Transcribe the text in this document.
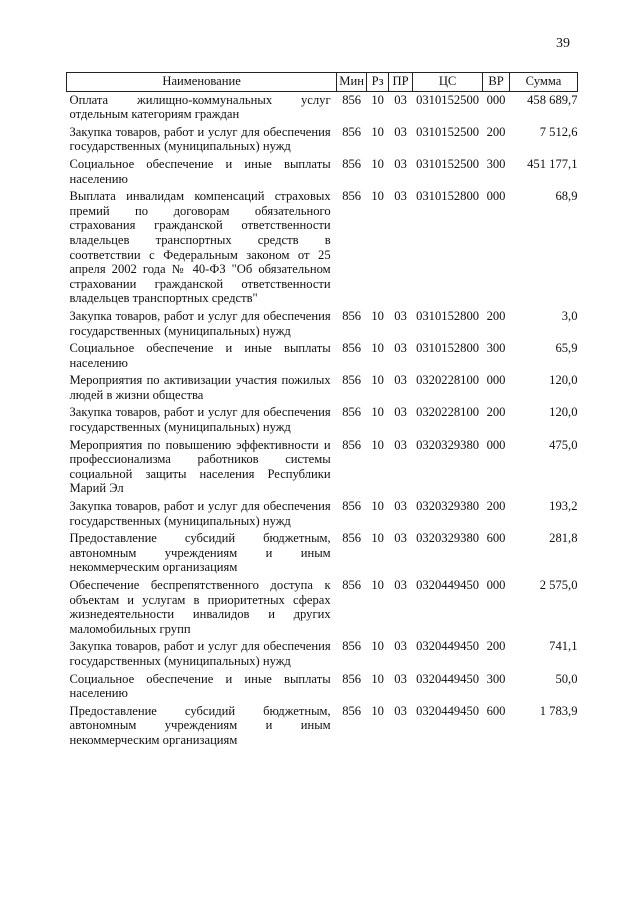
39
Наименование	Мин	Рз	ПР	ЦС	ВР	Сумма
Оплата жилищно-коммунальных услуг отдельным категориям граждан	856	10	03	0310152500	000	458 689,7
Закупка товаров, работ и услуг для обеспечения государственных (муниципальных) нужд	856	10	03	0310152500	200	7 512,6
Социальное обеспечение и иные выплаты населению	856	10	03	0310152500	300	451 177,1
Выплата инвалидам компенсаций страховых премий по договорам обязательного страхования гражданской ответственности владельцев транспортных средств в соответствии с Федеральным законом от 25 апреля 2002 года № 40-ФЗ "Об обязательном страховании гражданской ответственности владельцев транспортных средств"	856	10	03	0310152800	000	68,9
Закупка товаров, работ и услуг для обеспечения государственных (муниципальных) нужд	856	10	03	0310152800	200	3,0
Социальное обеспечение и иные выплаты населению	856	10	03	0310152800	300	65,9
Мероприятия по активизации участия пожилых людей в жизни общества	856	10	03	0320228100	000	120,0
Закупка товаров, работ и услуг для обеспечения государственных (муниципальных) нужд	856	10	03	0320228100	200	120,0
Мероприятия по повышению эффективности и профессионализма работников системы социальной защиты населения Республики Марий Эл	856	10	03	0320329380	000	475,0
Закупка товаров, работ и услуг для обеспечения государственных (муниципальных) нужд	856	10	03	0320329380	200	193,2
Предоставление субсидий бюджетным, автономным учреждениям и иным некоммерческим организациям	856	10	03	0320329380	600	281,8
Обеспечение беспрепятственного доступа к объектам и услугам в приоритетных сферах жизнедеятельности инвалидов и других маломобильных групп	856	10	03	0320449450	000	2 575,0
Закупка товаров, работ и услуг для обеспечения государственных (муниципальных) нужд	856	10	03	0320449450	200	741,1
Социальное обеспечение и иные выплаты населению	856	10	03	0320449450	300	50,0
Предоставление субсидий бюджетным, автономным учреждениям и иным некоммерческим организациям	856	10	03	0320449450	600	1 783,9
